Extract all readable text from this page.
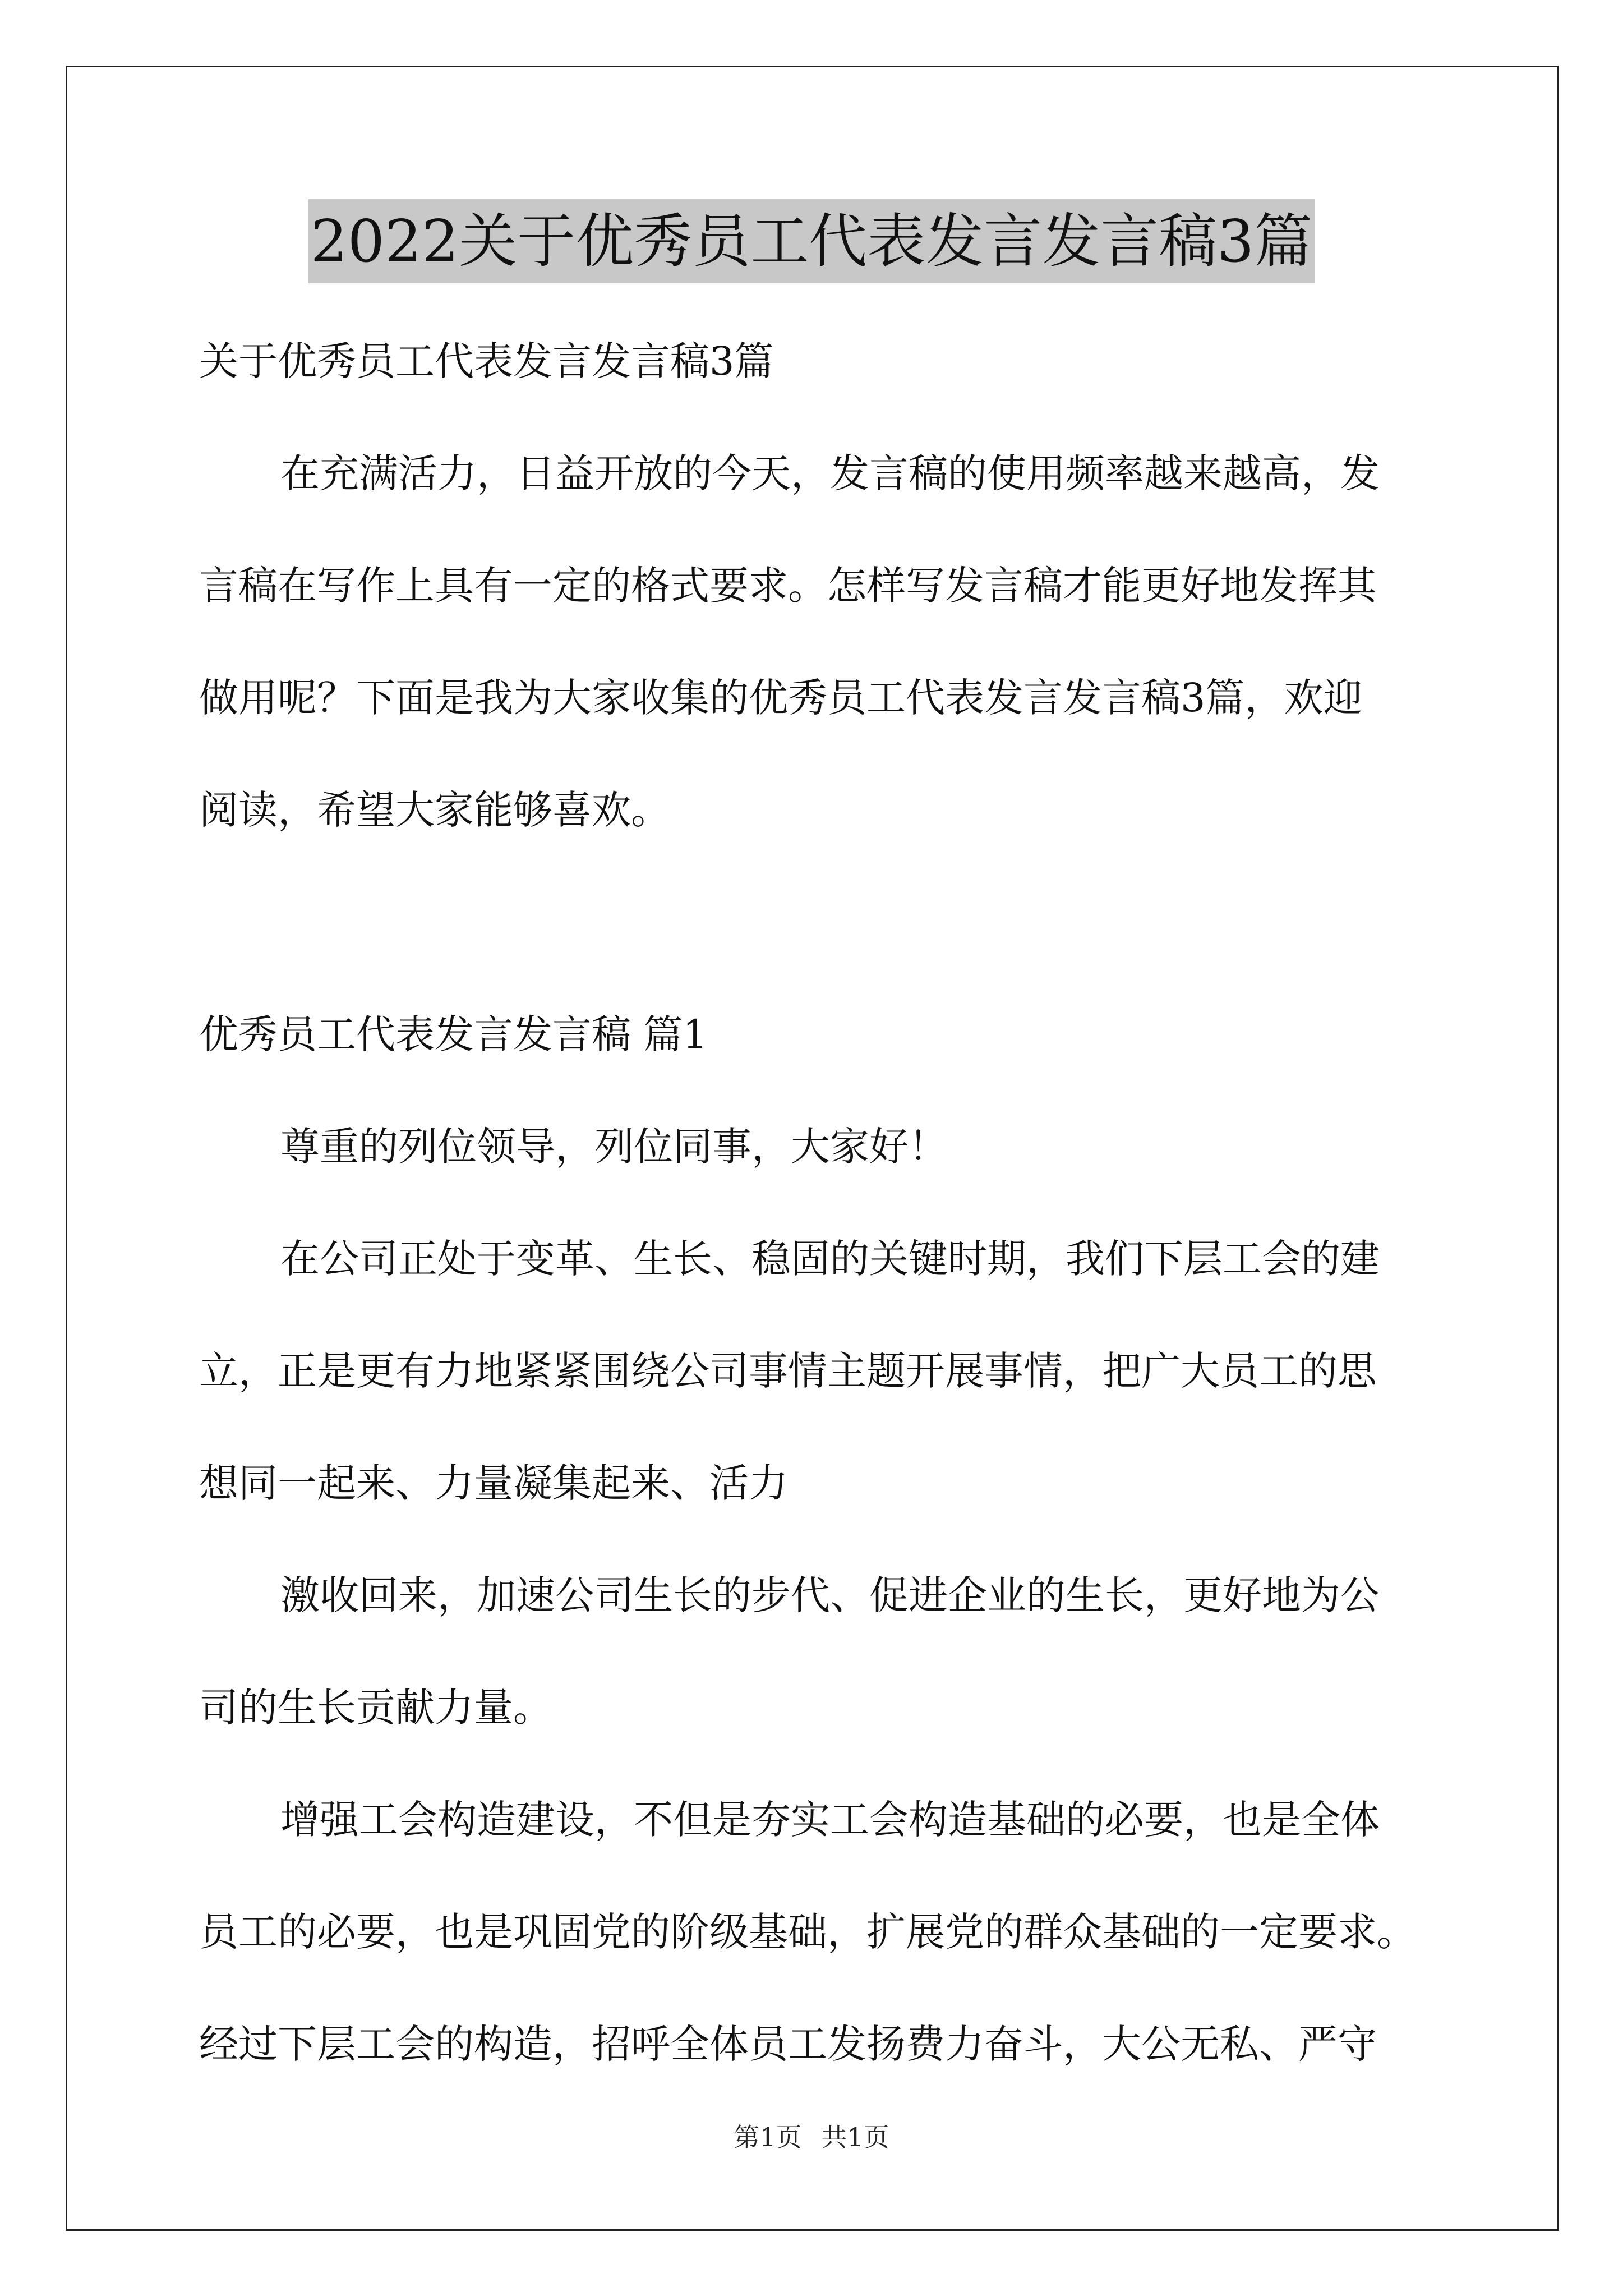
2022关于优秀员工代表发言发言稿3篇
关于优秀员工代表发言发言稿3篇
在充满活力，日益开放的今天，发言稿的使用频率越来越高，发
言稿在写作上具有一定的格式要求。怎样写发言稿才能更好地发挥其
做用呢？下面是我为大家收集的优秀员工代表发言发言稿3篇，欢迎
阅读，希望大家能够喜欢。
优秀员工代表发言发言稿 篇1
尊重的列位领导，列位同事，大家好！
在公司正处于变革、生长、稳固的关键时期，我们下层工会的建
立，正是更有力地紧紧围绕公司事情主题开展事情，把广大员工的思
想同一起来、力量凝集起来、活力
激收回来，加速公司生长的步代、促进企业的生长，更好地为公
司的生长贡献力量。
增强工会构造建设，不但是夯实工会构造基础的必要，也是全体
员工的必要，也是巩固党的阶级基础，扩展党的群众基础的一定要求。
经过下层工会的构造，招呼全体员工发扬费力奋斗，大公无私、严守
第1页 共1页
